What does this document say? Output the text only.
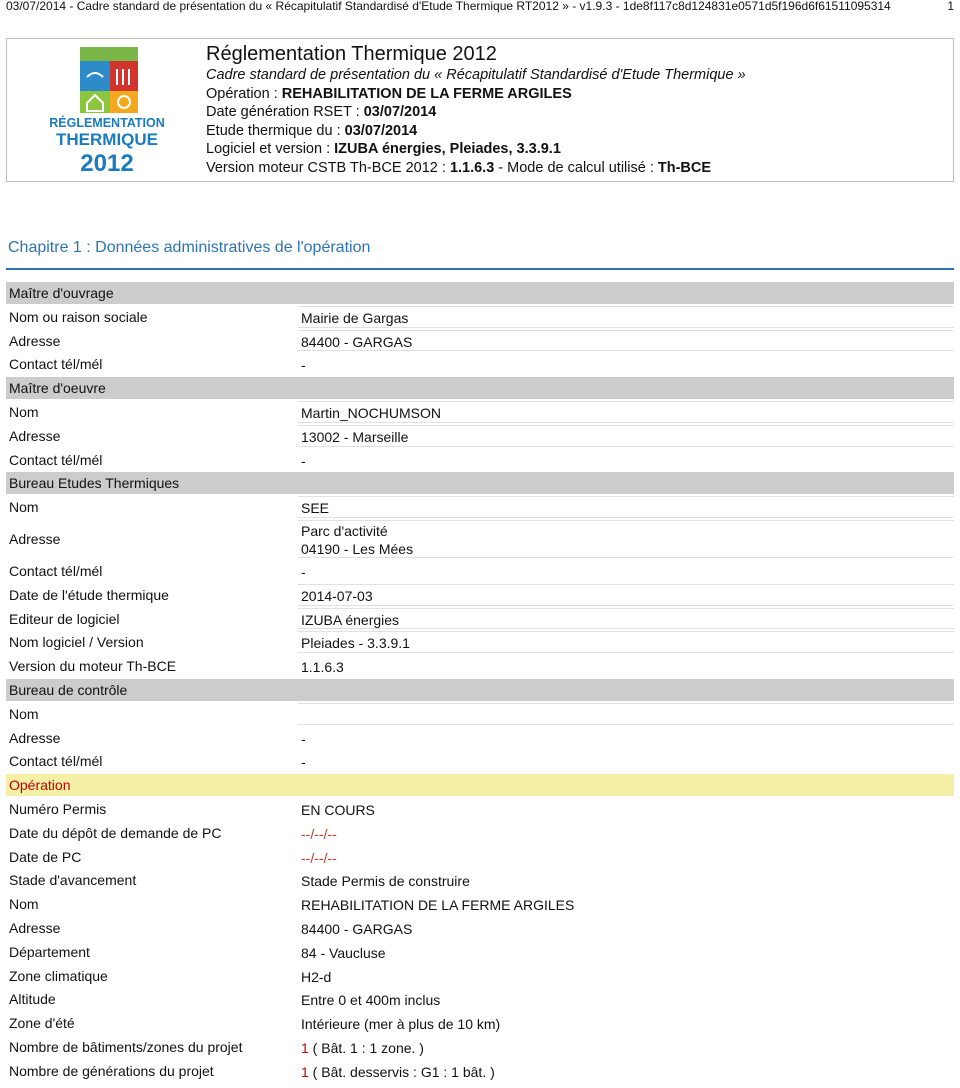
03/07/2014 - Cadre standard de présentation du « Récapitulatif Standardisé d'Etude Thermique RT2012 » - v1.9.3 - 1de8f117c8d124831e0571d5f196d6f61511095314	1
RÉGLEMENTATION
THERMIQUE
2012
Réglementation Thermique 2012
Cadre standard de présentation du « Récapitulatif Standardisé d'Etude Thermique »
Opération : REHABILITATION DE LA FERME ARGILES
Date génération RSET : 03/07/2014
Etude thermique du : 03/07/2014
Logiciel et version : IZUBA énergies, Pleiades, 3.3.9.1
Version moteur CSTB Th-BCE 2012 : 1.1.6.3 - Mode de calcul utilisé : Th-BCE
Chapitre 1 : Données administratives de l'opération
Maître d'ouvrage
Nom ou raison sociale	Mairie de Gargas
Adresse	84400 - GARGAS
Contact tél/mél	-
Maître d'oeuvre
Nom	Martin_NOCHUMSON
Adresse	13002 - Marseille
Contact tél/mél	-
Bureau Etudes Thermiques
Nom	SEE
Adresse	Parc d'activité
04190 - Les Mées
Contact tél/mél	-
Date de l'étude thermique	2014-07-03
Editeur de logiciel	IZUBA énergies
Nom logiciel / Version	Pleiades - 3.3.9.1
Version du moteur Th-BCE	1.1.6.3
Bureau de contrôle
Nom
Adresse	-
Contact tél/mél	-
Opération
Numéro Permis	EN COURS
Date du dépôt de demande de PC	--/--/--
Date de PC	--/--/--
Stade d'avancement	Stade Permis de construire
Nom	REHABILITATION DE LA FERME ARGILES
Adresse	84400 - GARGAS
Département	84 - Vaucluse
Zone climatique	H2-d
Altitude	Entre 0 et 400m inclus
Zone d'été	Intérieure (mer à plus de 10 km)
Nombre de bâtiments/zones du projet	1 ( Bât. 1 : 1 zone. )
Nombre de générations du projet	1 ( Bât. desservis : G1 : 1 bât. )
